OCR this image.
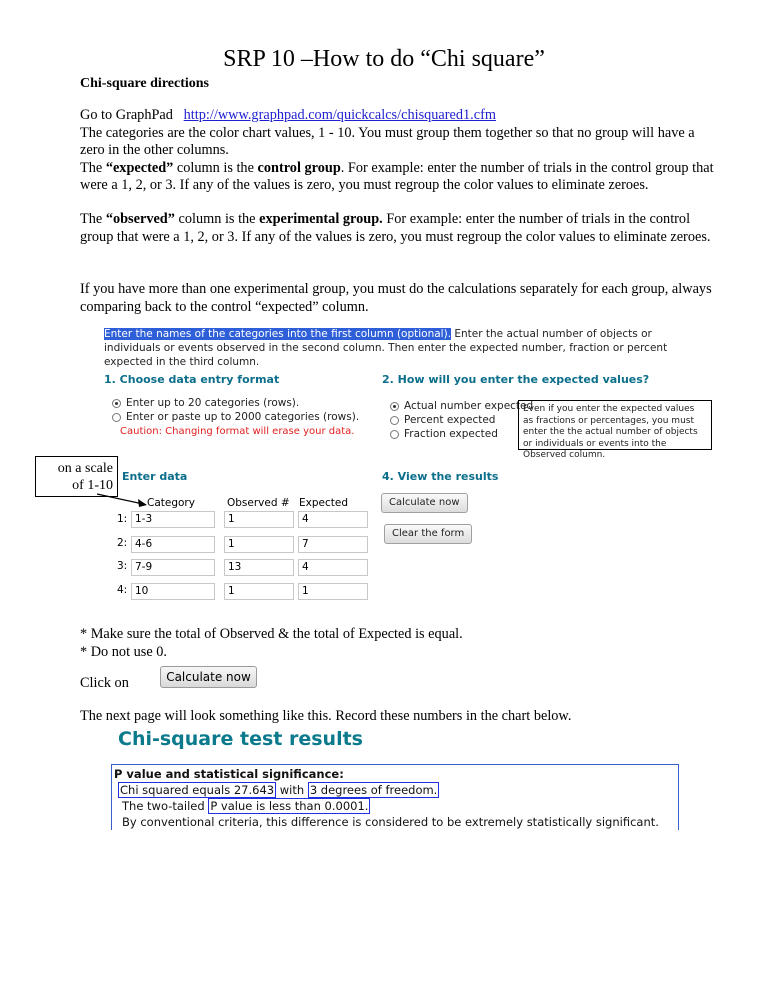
SRP 10 –How to do “Chi square”
Chi-square directions
Go to GraphPad http://www.graphpad.com/quickcalcs/chisquared1.cfm
The categories are the color chart values, 1 - 10. You must group them together so that no group will have a zero in the other columns.
The “expected” column is the control group. For example: enter the number of trials in the control group that were a 1, 2, or 3. If any of the values is zero, you must regroup the color values to eliminate zeroes.
The “observed” column is the experimental group. For example: enter the number of trials in the control group that were a 1, 2, or 3. If any of the values is zero, you must regroup the color values to eliminate zeroes.
If you have more than one experimental group, you must do the calculations separately for each group, always comparing back to the control “expected” column.
Enter the names of the categories into the first column (optional). Enter the actual number of objects or individuals or events observed in the second column. Then enter the expected number, fraction or percent expected in the third column.
1. Choose data entry format	2. How will you enter the expected values?
Enter up to 20 categories (rows).
Enter or paste up to 2000 categories (rows).
Caution: Changing format will erase your data.
Actual number expected
Percent expected
Fraction expected
Even if you enter the expected values as fractions or percentages, you must enter the the actual number of objects or individuals or events into the Observed column.
Enter data	4. View the results
Calculate now
Clear the form
Category	Observed # Expected
1: 1-3	1	4
2: 4-6	1	7
3: 7-9	13	4
4: 10	1	1
on a scale
of 1-10
* Make sure the total of Observed & the total of Expected is equal.
* Do not use 0.
Click on	Calculate now
The next page will look something like this. Record these numbers in the chart below.
Chi-square test results
P value and statistical significance:
Chi squared equals 27.643 with 3 degrees of freedom.
The two-tailed P value is less than 0.0001.
By conventional criteria, this difference is considered to be extremely statistically significant.
